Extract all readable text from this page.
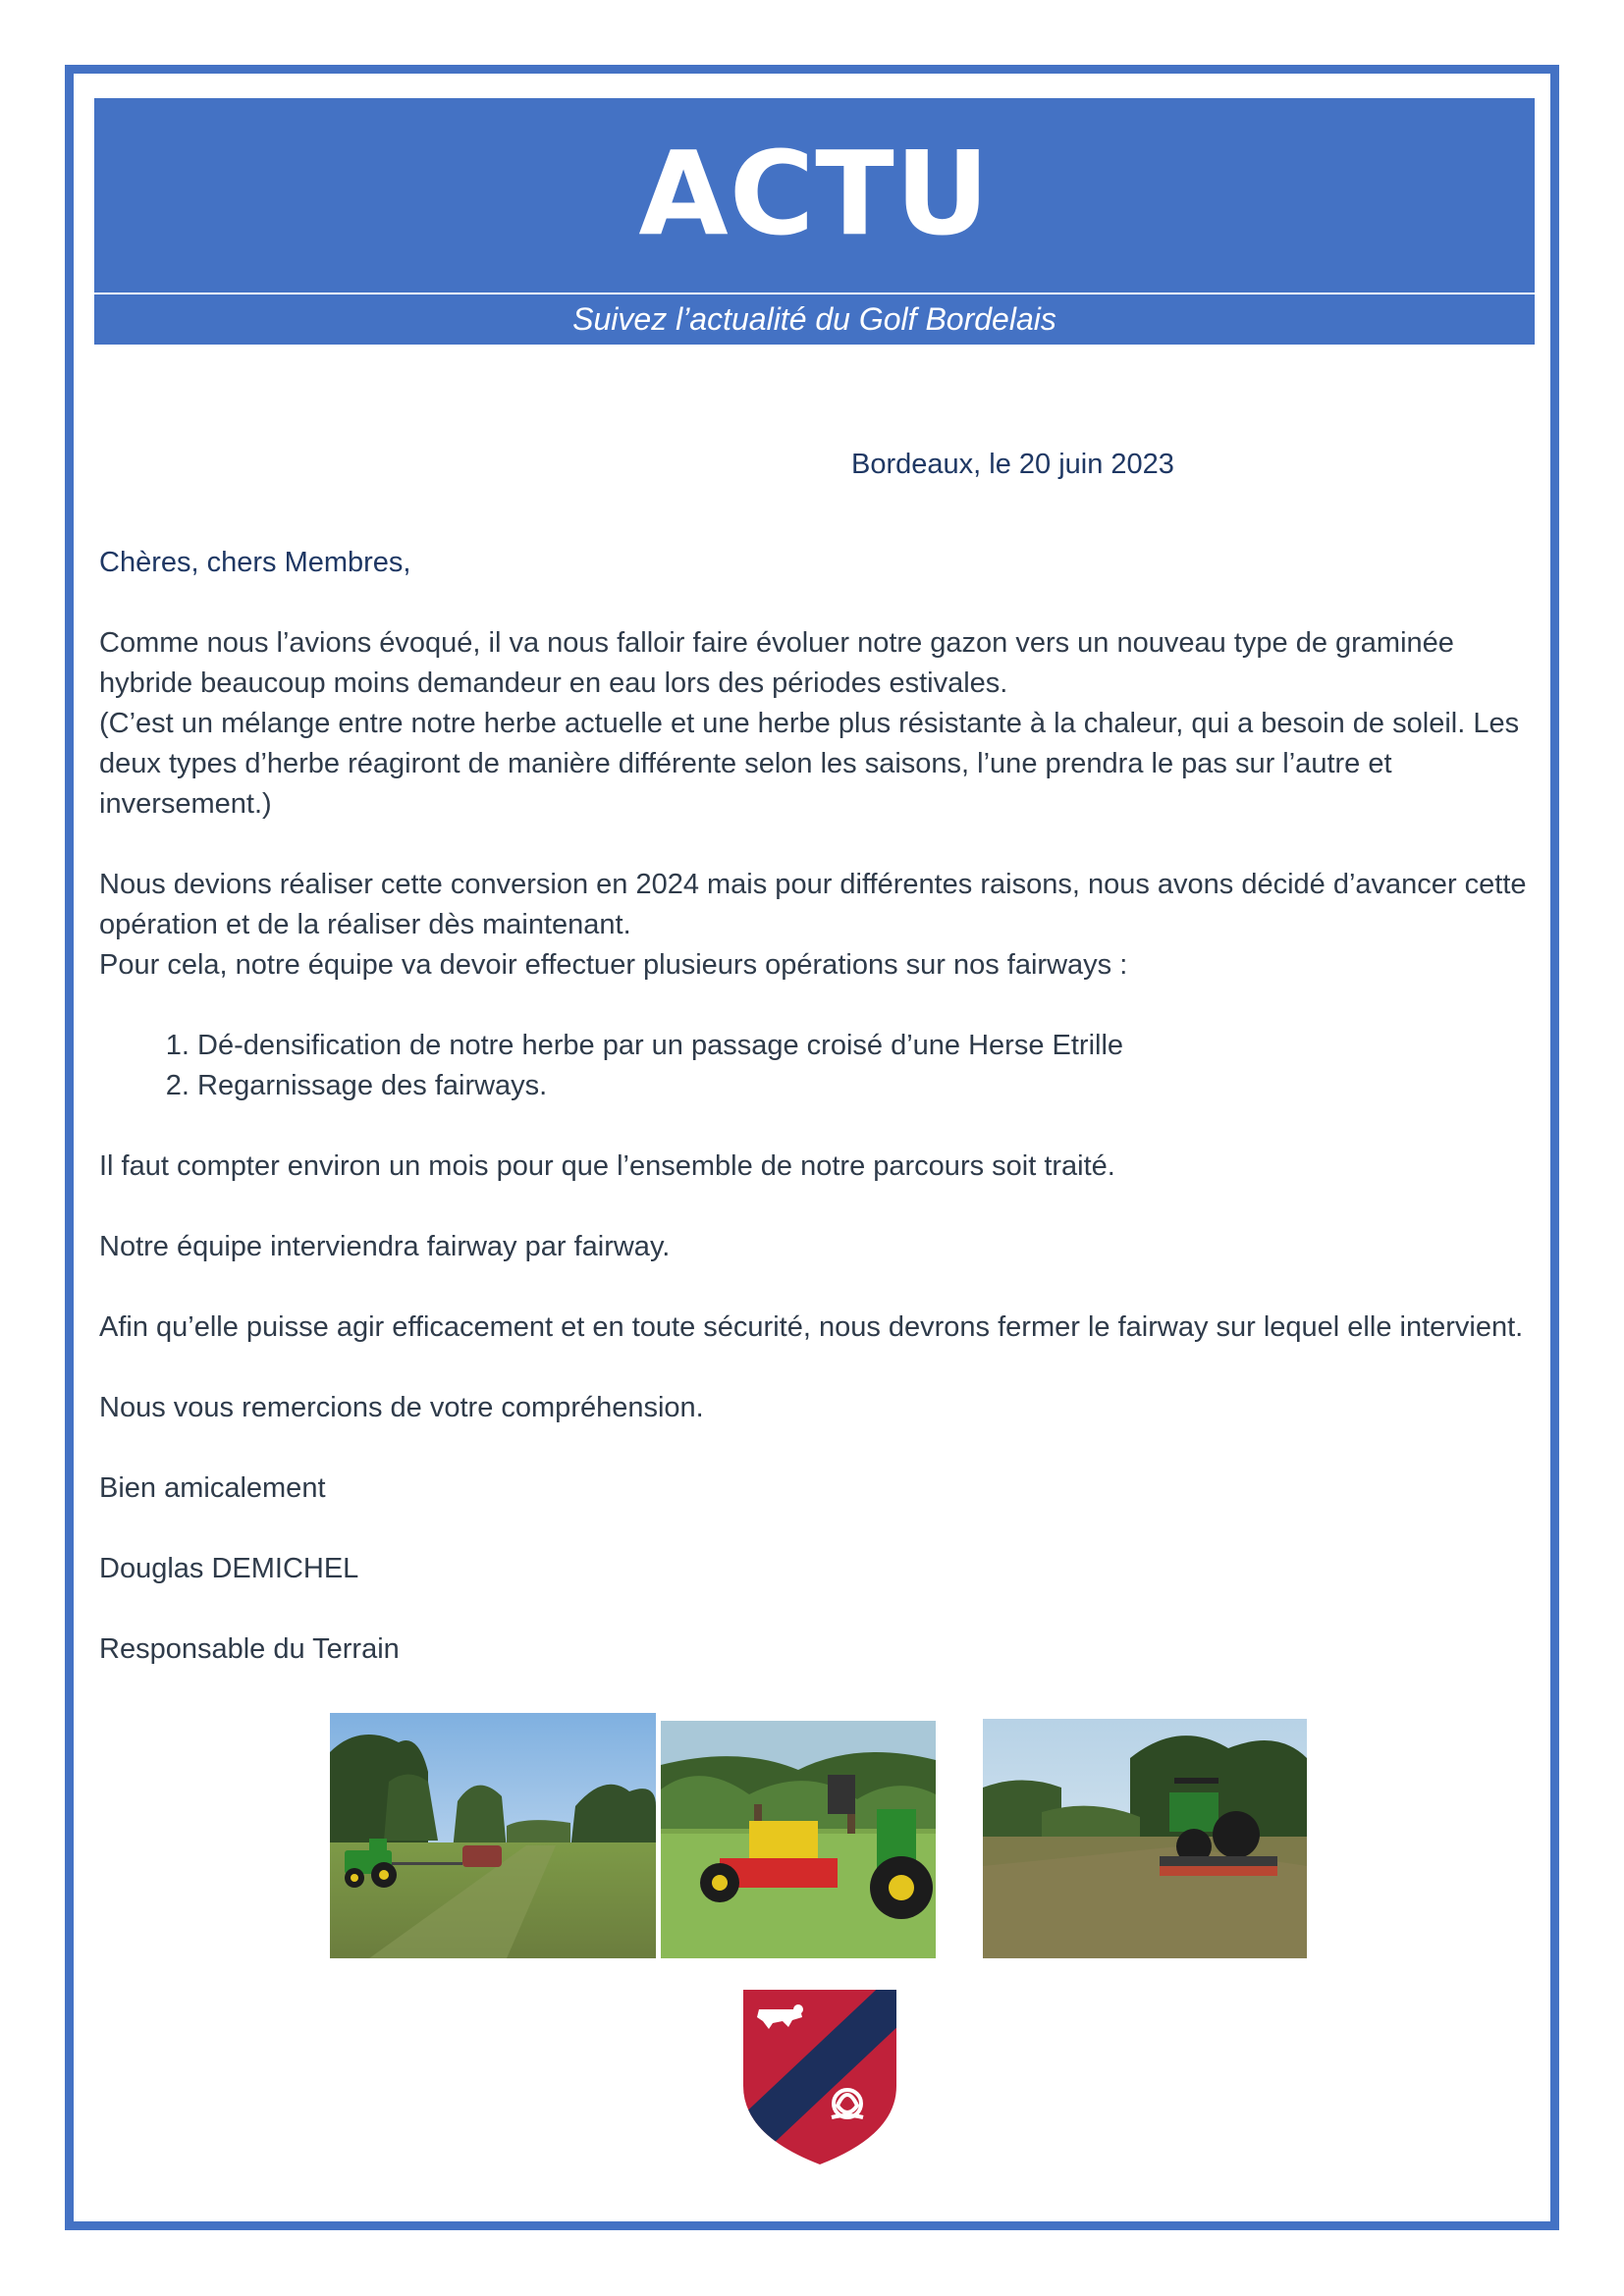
ACTU
Suivez l’actualité du Golf Bordelais
Bordeaux, le 20 juin 2023

Chères, chers Membres,

Comme nous l’avions évoqué, il va nous falloir faire évoluer notre gazon vers un nouveau type de graminée hybride beaucoup moins demandeur en eau lors des périodes estivales.
(C’est un mélange entre notre herbe actuelle et une herbe plus résistante à la chaleur, qui a besoin de soleil. Les deux types d’herbe réagiront de manière différente selon les saisons, l’une prendra le pas sur l’autre et inversement.)

Nous devions réaliser cette conversion en 2024 mais pour différentes raisons, nous avons décidé d’avancer cette opération et de la réaliser dès maintenant.
Pour cela, notre équipe va devoir effectuer plusieurs opérations sur nos fairways :

1. Dé-densification de notre herbe par un passage croisé d’une Herse Etrille
2. Regarnissage des fairways.

Il faut compter environ un mois pour que l’ensemble de notre parcours soit traité.

Notre équipe interviendra fairway par fairway.

Afin qu’elle puisse agir efficacement et en toute sécurité, nous devrons fermer le fairway sur lequel elle intervient.

Nous vous remercions de votre compréhension.

Bien amicalement

Douglas DEMICHEL

Responsable du Terrain
